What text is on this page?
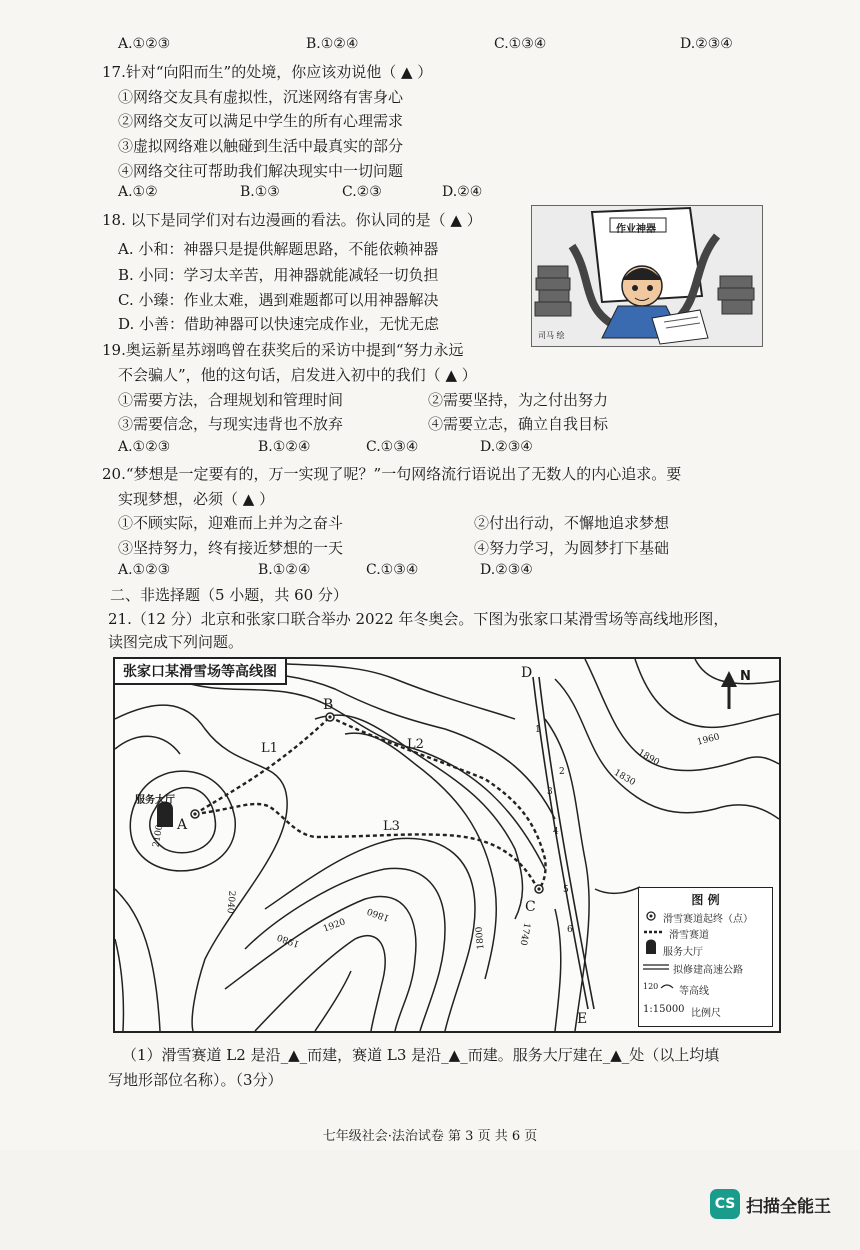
A.①②③	B.①②④	C.①③④	D.②③④
17.针对“向阳而生”的处境，你应该劝说他（ ▲ ）
①网络交友具有虚拟性，沉迷网络有害身心
②网络交友可以满足中学生的所有心理需求
③虚拟网络难以触碰到生活中最真实的部分
④网络交往可帮助我们解决现实中一切问题
A.①②	B.①③	C.②③	D.②④
18. 以下是同学们对右边漫画的看法。你认同的是（ ▲ ）
A. 小和：神器只是提供解题思路，不能依赖神器
B. 小同：学习太辛苦，用神器就能减轻一切负担
C. 小臻：作业太难，遇到难题都可以用神器解决
D. 小善：借助神器可以快速完成作业，无忧无虑
作业神器
司马 绘
19.奥运新星苏翊鸣曾在获奖后的采访中提到“努力永远
不会骗人”，他的这句话，启发进入初中的我们（ ▲ ）
①需要方法，合理规划和管理时间	②需要坚持，为之付出努力
③需要信念，与现实违背也不放弃	④需要立志，确立自我目标
A.①②③	B.①②④	C.①③④	D.②③④
20.“梦想是一定要有的，万一实现了呢？”一句网络流行语说出了无数人的内心追求。要
实现梦想，必须（ ▲ ）
①不顾实际，迎难而上并为之奋斗	②付出行动，不懈地追求梦想
③坚持努力，终有接近梦想的一天	④努力学习，为圆梦打下基础
A.①②③	B.①②④	C.①③④	D.②③④
二、非选择题（5 小题，共 60 分）
21.（12 分）北京和张家口联合举办 2022 年冬奥会。下图为张家口某滑雪场等高线地形图，
读图完成下列问题。
张家口某滑雪场等高线图	N
A
B
C
D
E
L1	L2
L3
服务大厅
1
2
3
4
5
6
2100
2040
1980
1920
1860
1800	1740
1890
1830
1960
图 例
滑雪赛道起终（点）
滑雪赛道
服务大厅
拟修建高速公路
120 等高线
1:15000 比例尺
（1）滑雪赛道 L2 是沿_▲_而建，赛道 L3 是沿_▲_而建。服务大厅建在_▲_处（以上均填
写地形部位名称）。（3分）
七年级社会·法治试卷 第 3 页 共 6 页
CS 扫描全能王
